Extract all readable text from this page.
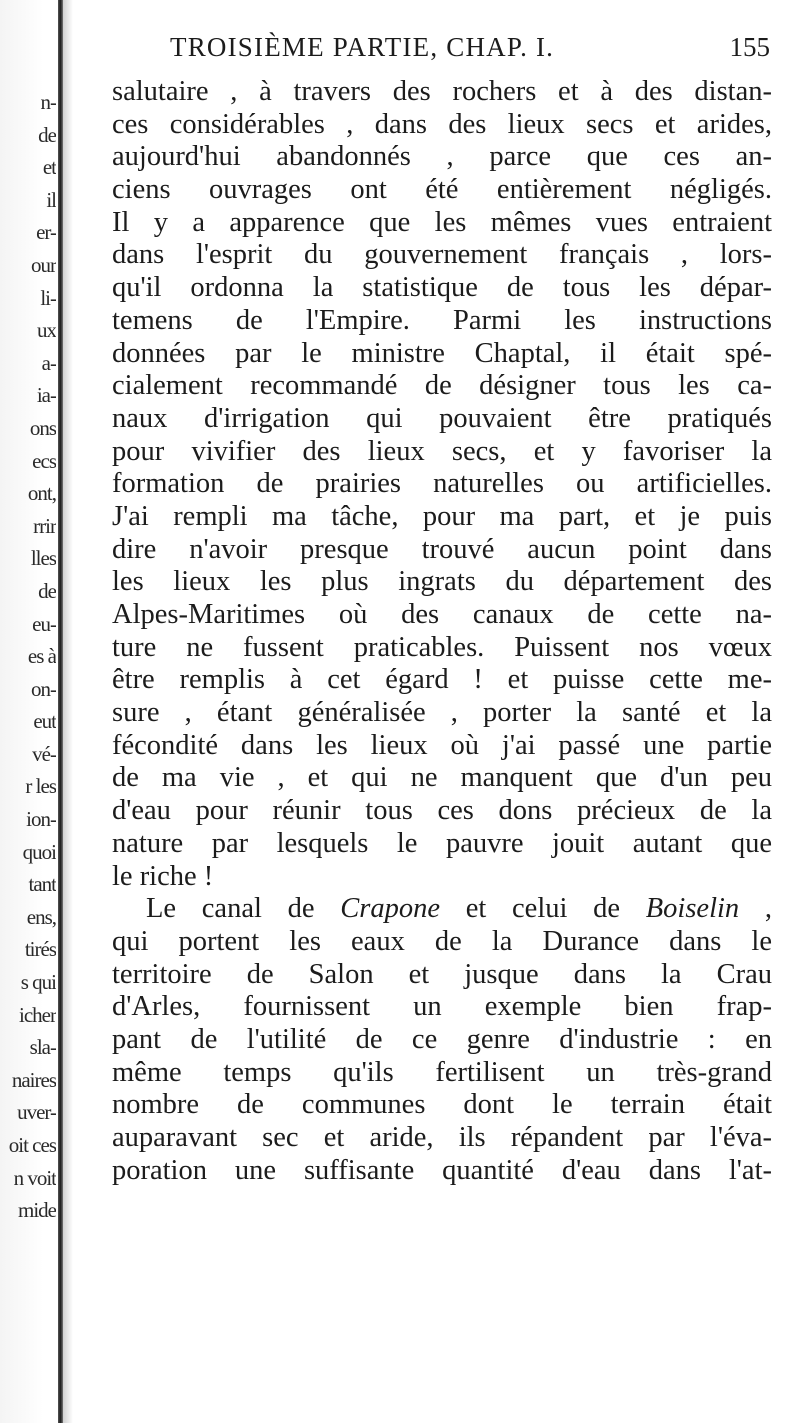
n-
de
et
il
er-
our
li-
ux
a-
ia-
ons
ecs
ont,
rrir
lles
de
eu-
es à
on-
eut
vé-
r les
ion-
quoi
tant
ens,
tirés
s qui
icher
sla-
naires
uver-
oit ces
n voit
mide
TROISIÈME PARTIE, CHAP. I.	155
salutaire , à travers des rochers et à des distan-
ces considérables , dans des lieux secs et arides,
aujourd'hui abandonnés , parce que ces an-
ciens ouvrages ont été entièrement négligés.
Il y a apparence que les mêmes vues entraient
dans l'esprit du gouvernement français , lors-
qu'il ordonna la statistique de tous les dépar-
temens de l'Empire. Parmi les instructions
données par le ministre Chaptal, il était spé-
cialement recommandé de désigner tous les ca-
naux d'irrigation qui pouvaient être pratiqués
pour vivifier des lieux secs, et y favoriser la
formation de prairies naturelles ou artificielles.
J'ai rempli ma tâche, pour ma part, et je puis
dire n'avoir presque trouvé aucun point dans
les lieux les plus ingrats du département des
Alpes-Maritimes où des canaux de cette na-
ture ne fussent praticables. Puissent nos vœux
être remplis à cet égard ! et puisse cette me-
sure , étant généralisée , porter la santé et la
fécondité dans les lieux où j'ai passé une partie
de ma vie , et qui ne manquent que d'un peu
d'eau pour réunir tous ces dons précieux de la
nature par lesquels le pauvre jouit autant que
le riche !
Le canal de Crapone et celui de Boiselin ,
qui portent les eaux de la Durance dans le
territoire de Salon et jusque dans la Crau
d'Arles, fournissent un exemple bien frap-
pant de l'utilité de ce genre d'industrie : en
même temps qu'ils fertilisent un très-grand
nombre de communes dont le terrain était
auparavant sec et aride, ils répandent par l'éva-
poration une suffisante quantité d'eau dans l'at-
